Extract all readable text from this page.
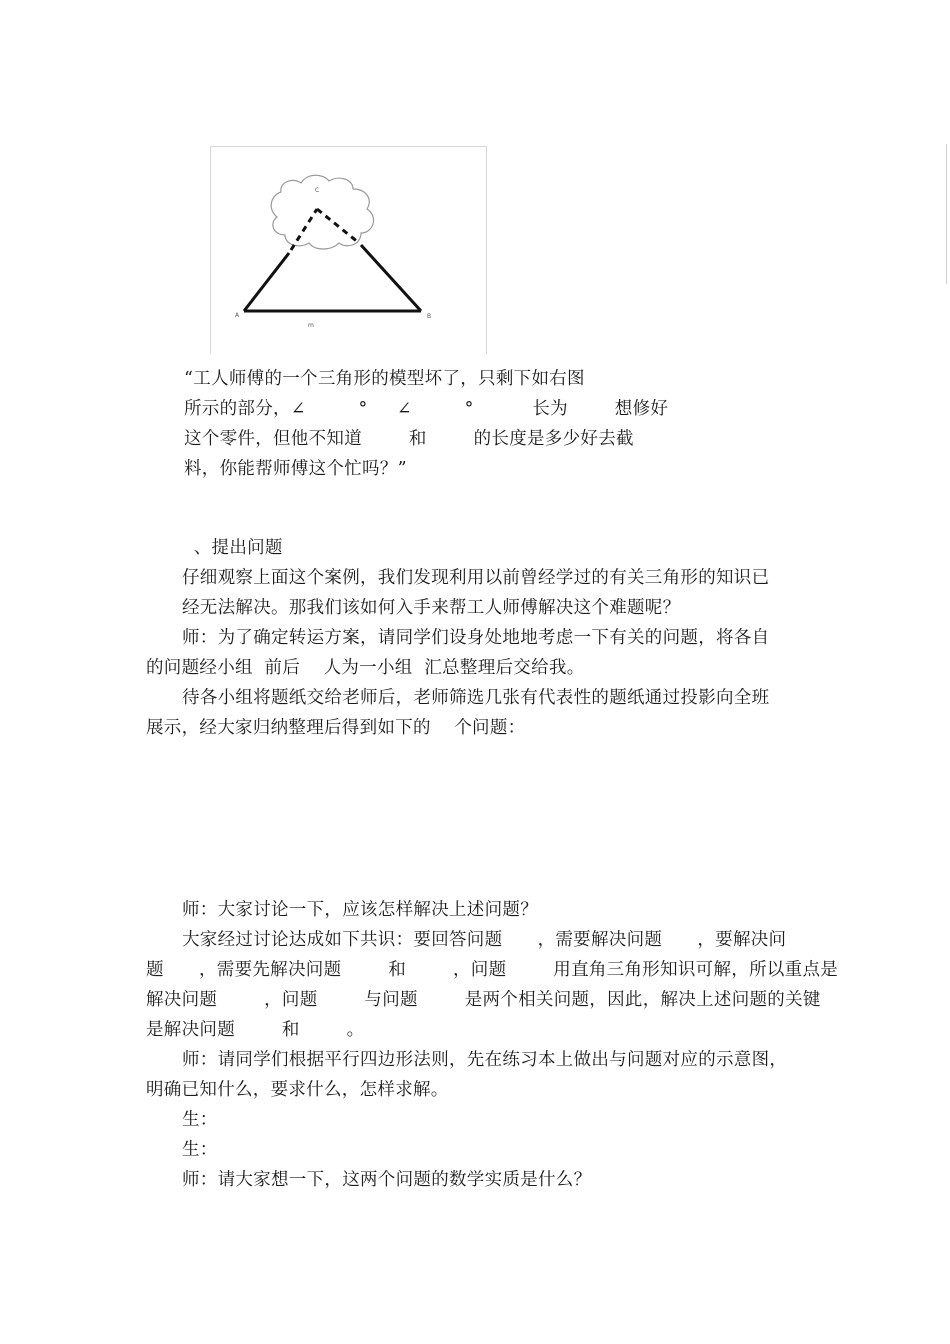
C
A	B
m
“工人师傅的一个三角形的模型坏了，只剩下如右图
所示的部分，∠         °     ∠         °          长为        想修好
这个零件，但他不知道        和        的长度是多少好去截
料，你能帮师傅这个忙吗？”
、提出问题
仔细观察上面这个案例，我们发现利用以前曾经学过的有关三角形的知识已
经无法解决。那我们该如何入手来帮工人师傅解决这个难题呢？
师：为了确定转运方案，请同学们设身处地地考虑一下有关的问题，将各自
的问题经小组  前后    人为一小组  汇总整理后交给我。
待各小组将题纸交给老师后，老师筛选几张有代表性的题纸通过投影向全班
展示，经大家归纳整理后得到如下的    个问题：
师：大家讨论一下，应该怎样解决上述问题？
大家经过讨论达成如下共识：要回答问题      ，需要解决问题      ，要解决问
题      ，需要先解决问题        和        ，问题        用直角三角形知识可解，所以重点是
解决问题        ，问题        与问题        是两个相关问题，因此，解决上述问题的关键
是解决问题        和        。
师：请同学们根据平行四边形法则，先在练习本上做出与问题对应的示意图，
明确已知什么，要求什么，怎样求解。
生：
生：
师：请大家想一下，这两个问题的数学实质是什么？
